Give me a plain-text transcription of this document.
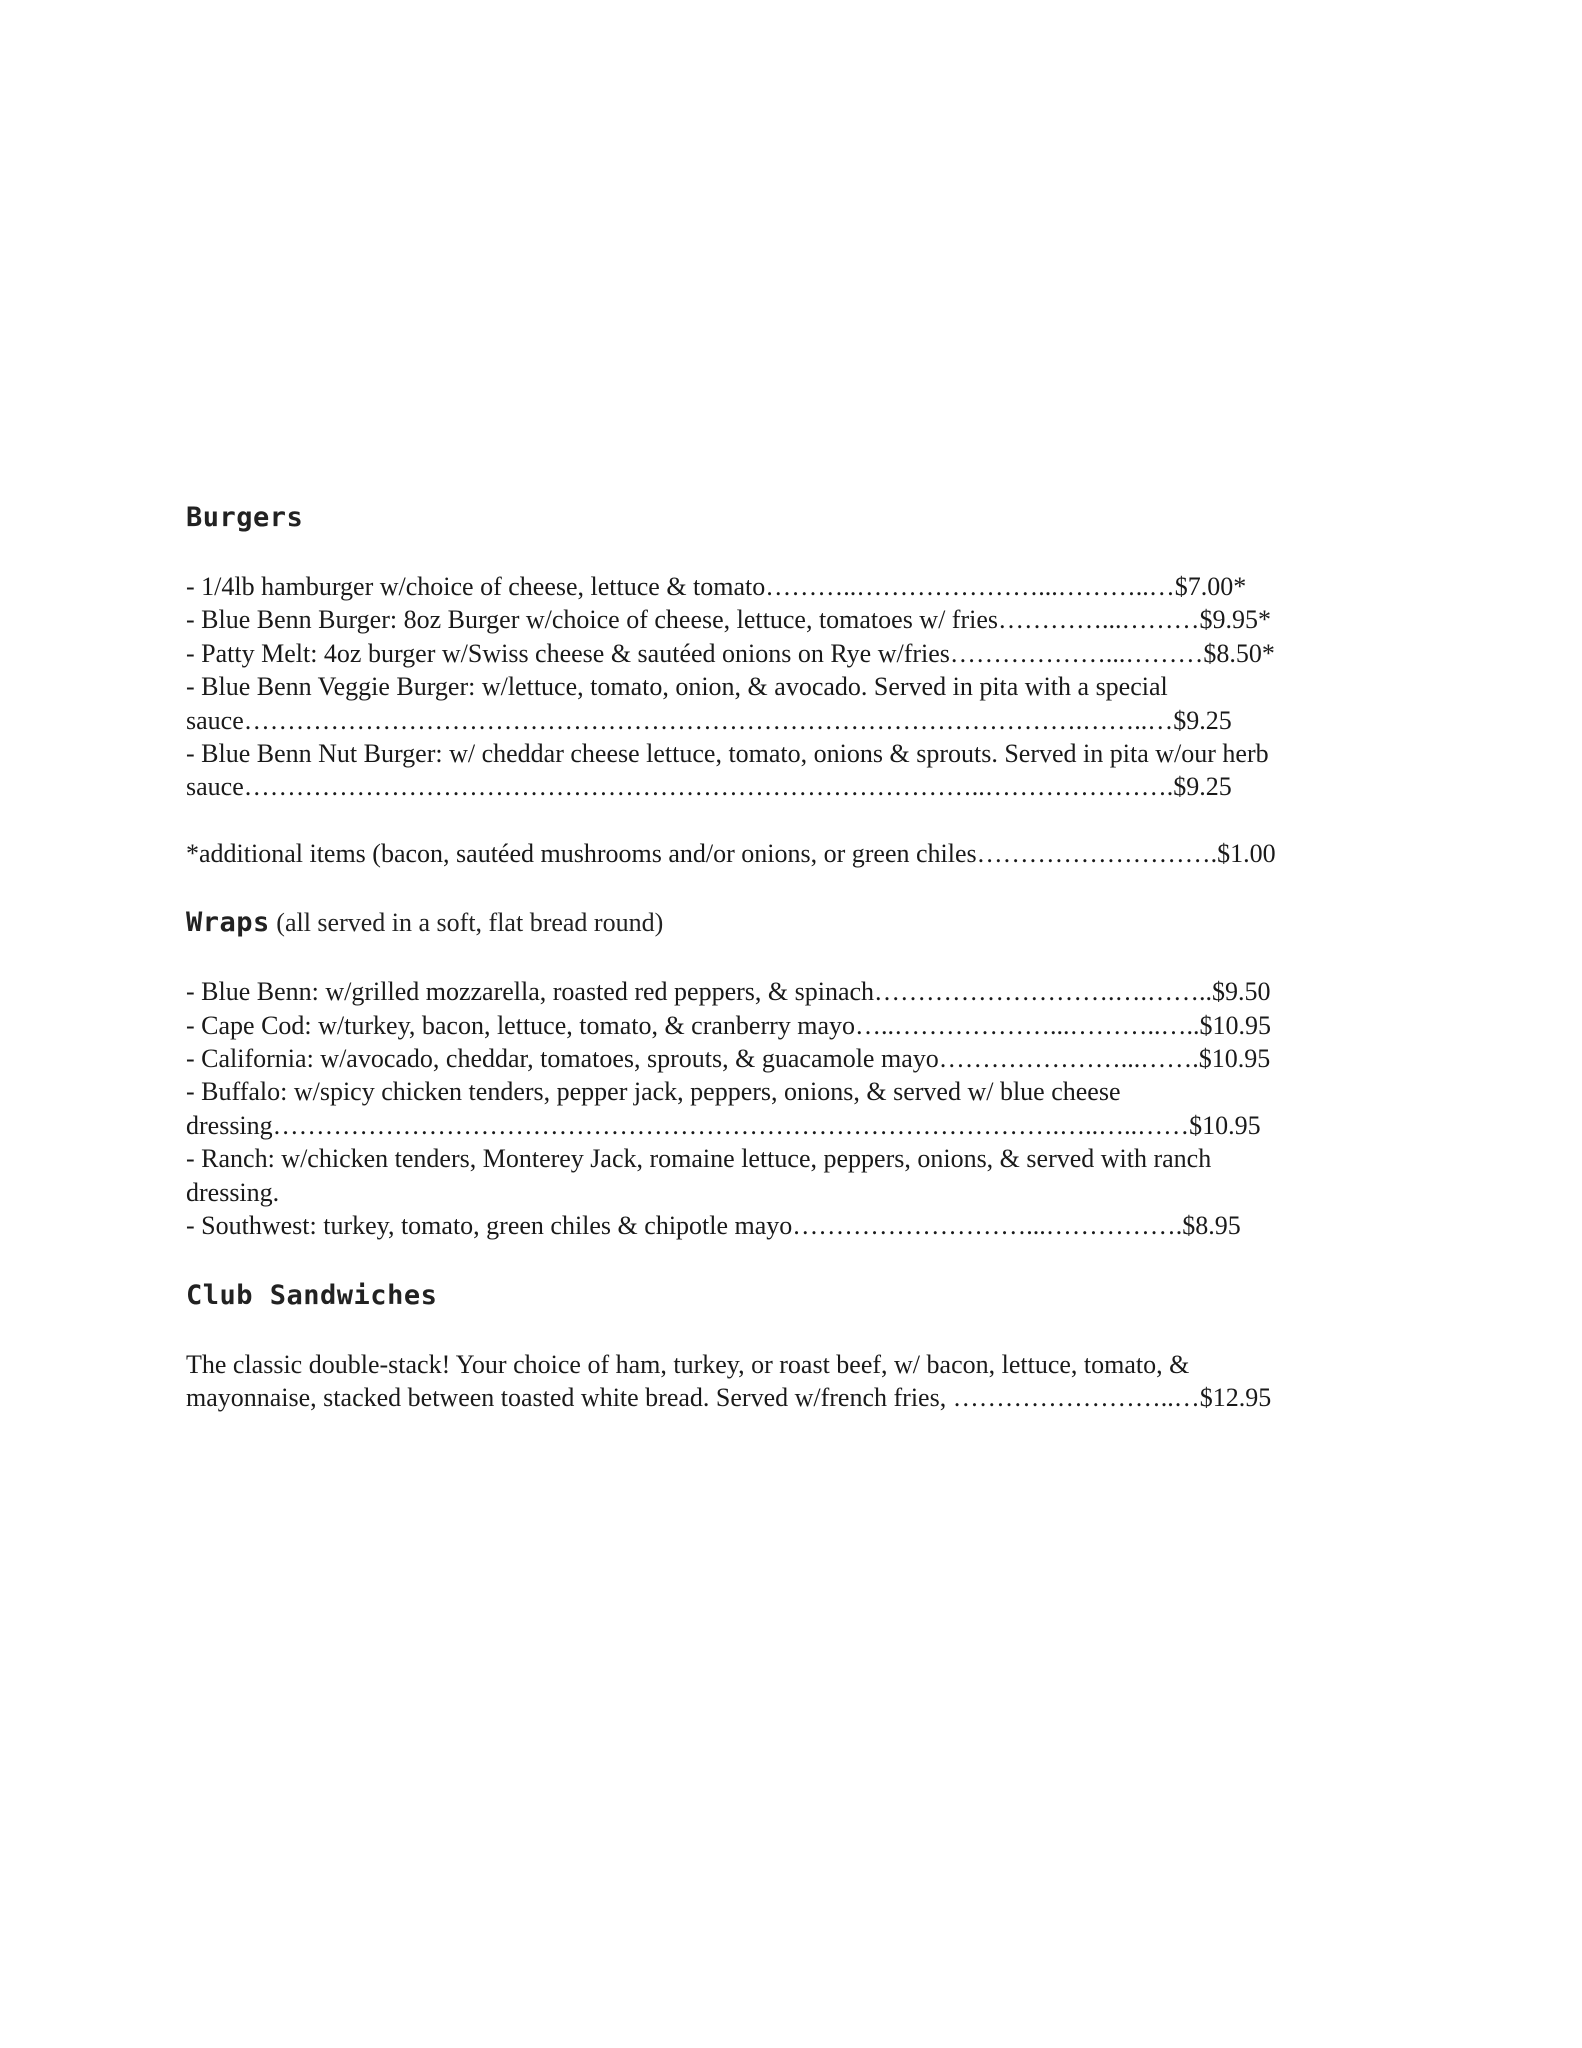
Burgers

- 1/4lb hamburger w/choice of cheese, lettuce & tomato………..…………………...………..…$7.00*

- Blue Benn Burger: 8oz Burger w/choice of cheese, lettuce, tomatoes w/ fries…………...………$9.95*

- Patty Melt: 4oz burger w/Swiss cheese & sautéed onions on Rye w/fries………………...………$8.50*

- Blue Benn Veggie Burger: w/lettuce, tomato, onion, & avocado. Served in pita with a special

sauce…………………………………………………………………………………….……..…$9.25

- Blue Benn Nut Burger: w/ cheddar cheese lettuce, tomato, onions & sprouts. Served in pita w/our herb

sauce…………………………………………………………………………..………………….$9.25

*additional items (bacon, sautéed mushrooms and/or onions, or green chiles……………………….$1.00

Wraps (all served in a soft, flat bread round)

- Blue Benn: w/grilled mozzarella, roasted red peppers, & spinach……………………….….……..$9.50

- Cape Cod: w/turkey, bacon, lettuce, tomato, & cranberry mayo…..………………...………..…..$10.95

- California: w/avocado, cheddar, tomatoes, sprouts, & guacamole mayo…………………...…….$10.95

- Buffalo: w/spicy chicken tenders, pepper jack, peppers, onions, & served w/ blue cheese

dressing……………………………………………………………………………….…..…..……$10.95

- Ranch: w/chicken tenders, Monterey Jack, romaine lettuce, peppers, onions, & served with ranch

dressing.

- Southwest: turkey, tomato, green chiles & chipotle mayo………………………...…………….$8.95

Club Sandwiches

The classic double-stack! Your choice of ham, turkey, or roast beef, w/ bacon, lettuce, tomato, &

mayonnaise, stacked between toasted white bread. Served w/french fries, ……………………..…$12.95
